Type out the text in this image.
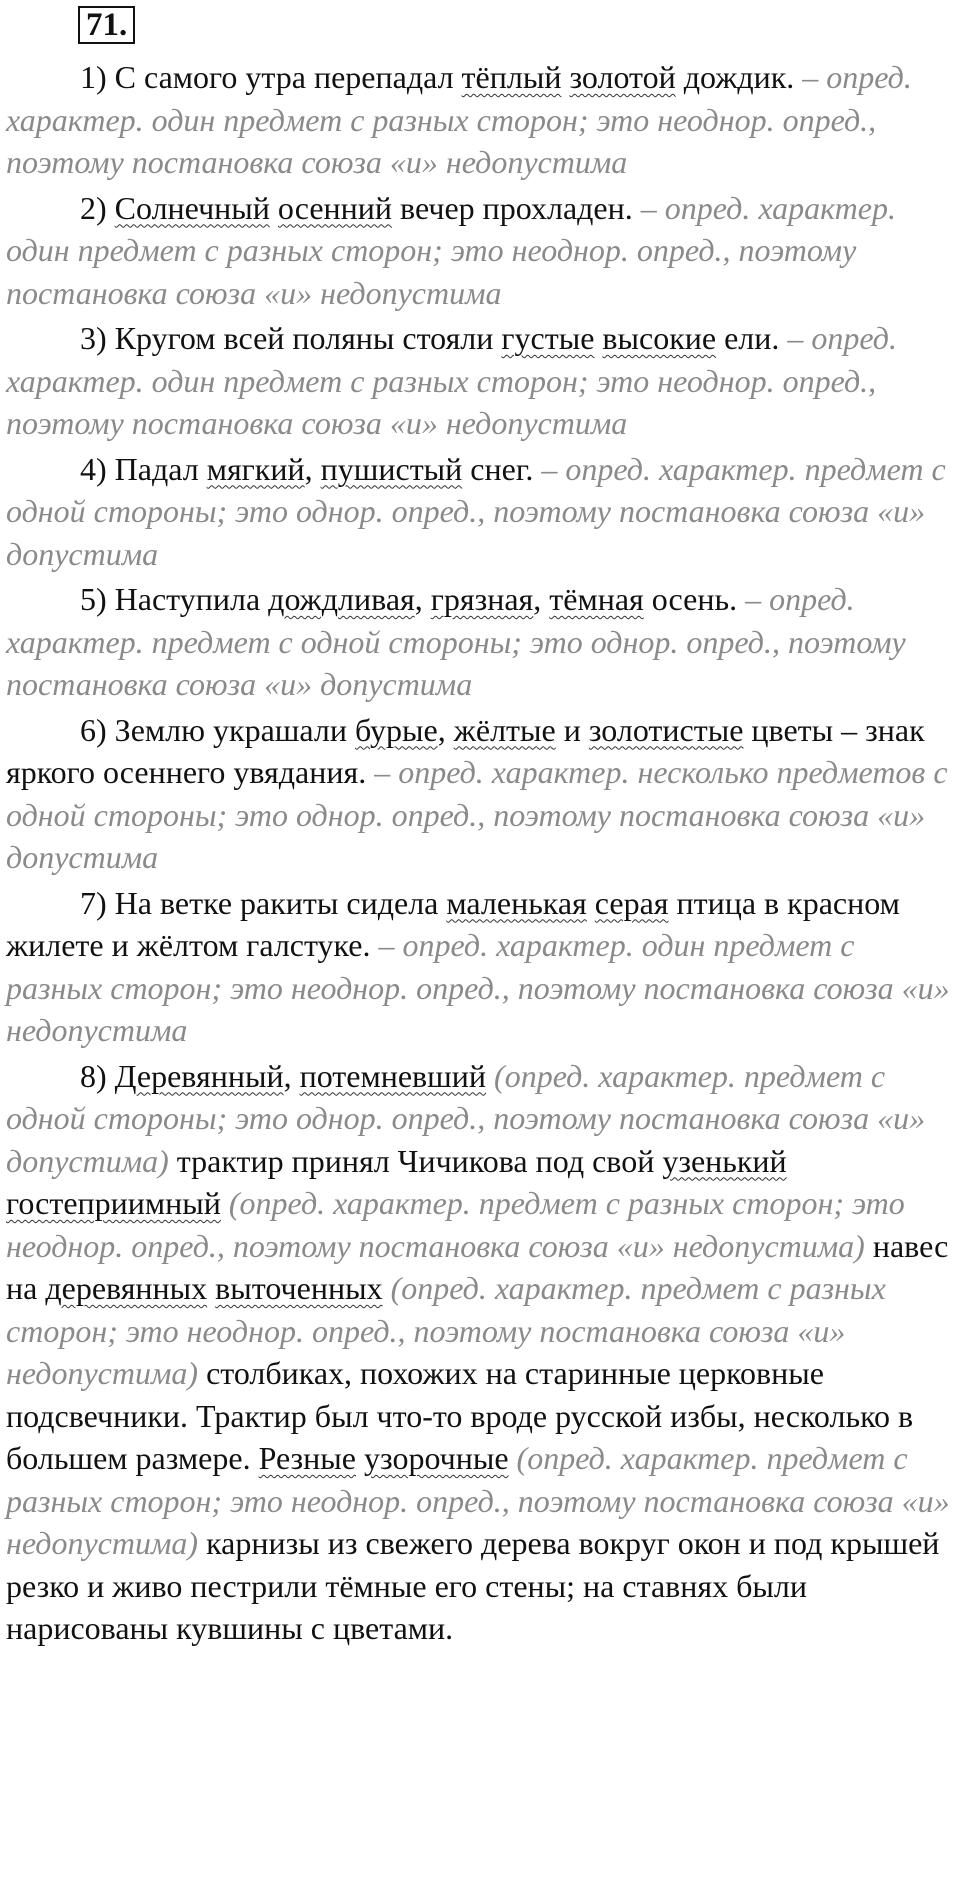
71.

1) С самого утра перепадал тёплый золотой дождик. – опред. характер. один предмет с разных сторон; это неоднор. опред., поэтому постановка союза «и» недопустима

2) Солнечный осенний вечер прохладен. – опред. характер. один предмет с разных сторон; это неоднор. опред., поэтому постановка союза «и» недопустима

3) Кругом всей поляны стояли густые высокие ели. – опред. характер. один предмет с разных сторон; это неоднор. опред., поэтому постановка союза «и» недопустима

4) Падал мягкий, пушистый снег. – опред. характер. предмет с одной стороны; это однор. опред., поэтому постановка союза «и» допустима

5) Наступила дождливая, грязная, тёмная осень. – опред. характер. предмет с одной стороны; это однор. опред., поэтому постановка союза «и» допустима

6) Землю украшали бурые, жёлтые и золотистые цветы – знак яркого осеннего увядания. – опред. характер. несколько предметов с одной стороны; это однор. опред., поэтому постановка союза «и» допустима

7) На ветке ракиты сидела маленькая серая птица в красном жилете и жёлтом галстуке. – опред. характер. один предмет с разных сторон; это неоднор. опред., поэтому постановка союза «и» недопустима

8) Деревянный, потемневший (опред. характер. предмет с одной стороны; это однор. опред., поэтому постановка союза «и» допустима) трактир принял Чичикова под свой узенький гостеприимный (опред. характер. предмет с разных сторон; это неоднор. опред., поэтому постановка союза «и» недопустима) навес на деревянных выточенных (опред. характер. предмет с разных сторон; это неоднор. опред., поэтому постановка союза «и» недопустима) столбиках, похожих на старинные церковные подсвечники. Трактир был что-то вроде русской избы, несколько в большем размере. Резные узорочные (опред. характер. предмет с разных сторон; это неоднор. опред., поэтому постановка союза «и» недопустима) карнизы из свежего дерева вокруг окон и под крышей резко и живо пестрили тёмные его стены; на ставнях были нарисованы кувшины с цветами.
